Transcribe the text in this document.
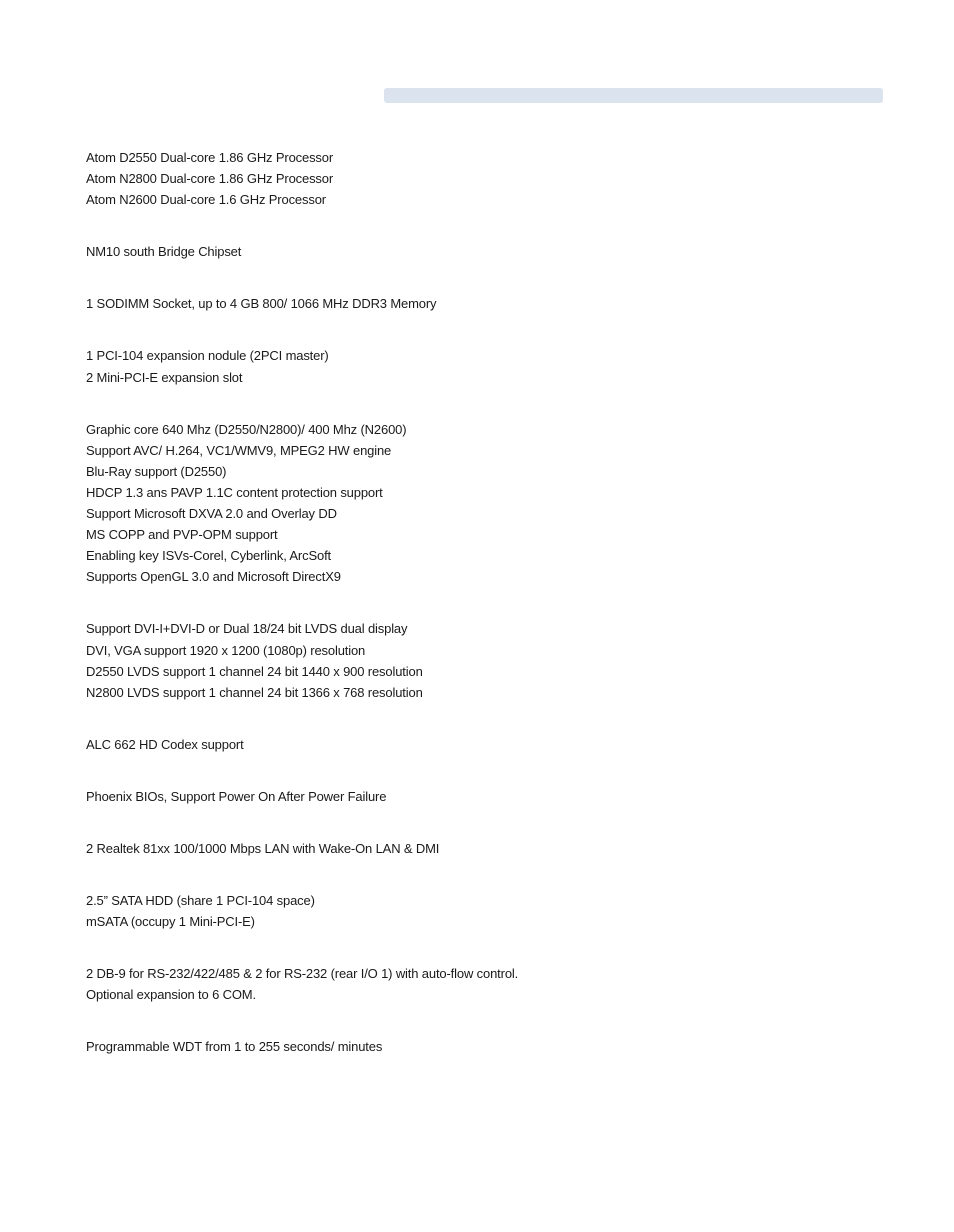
Atom D2550 Dual-core 1.86 GHz Processor
Atom N2800 Dual-core 1.86 GHz Processor
Atom N2600 Dual-core 1.6 GHz Processor
NM10 south Bridge Chipset
1 SODIMM Socket, up to 4 GB 800/ 1066 MHz DDR3 Memory
1 PCI-104 expansion nodule (2PCI master)
2 Mini-PCI-E expansion slot
Graphic core 640 Mhz (D2550/N2800)/ 400 Mhz (N2600)
Support AVC/ H.264, VC1/WMV9, MPEG2 HW engine
Blu-Ray support (D2550)
HDCP 1.3 ans PAVP 1.1C content protection support
Support Microsoft DXVA 2.0 and Overlay DD
MS COPP and PVP-OPM support
Enabling key ISVs-Corel, Cyberlink, ArcSoft
Supports OpenGL 3.0 and Microsoft DirectX9
Support DVI-I+DVI-D or Dual 18/24 bit LVDS dual display
DVI, VGA support 1920 x 1200 (1080p) resolution
D2550 LVDS support 1 channel 24 bit 1440 x 900 resolution
N2800 LVDS support 1 channel 24 bit 1366 x 768 resolution
ALC 662 HD Codex support
Phoenix BIOs, Support Power On After Power Failure
2 Realtek 81xx 100/1000 Mbps LAN with Wake-On LAN & DMI
2.5” SATA HDD (share 1 PCI-104 space)
mSATA (occupy 1 Mini-PCI-E)
2 DB-9 for RS-232/422/485 & 2 for RS-232 (rear I/O 1) with auto-flow control.
Optional expansion to 6 COM.
Programmable WDT from 1 to 255 seconds/ minutes
